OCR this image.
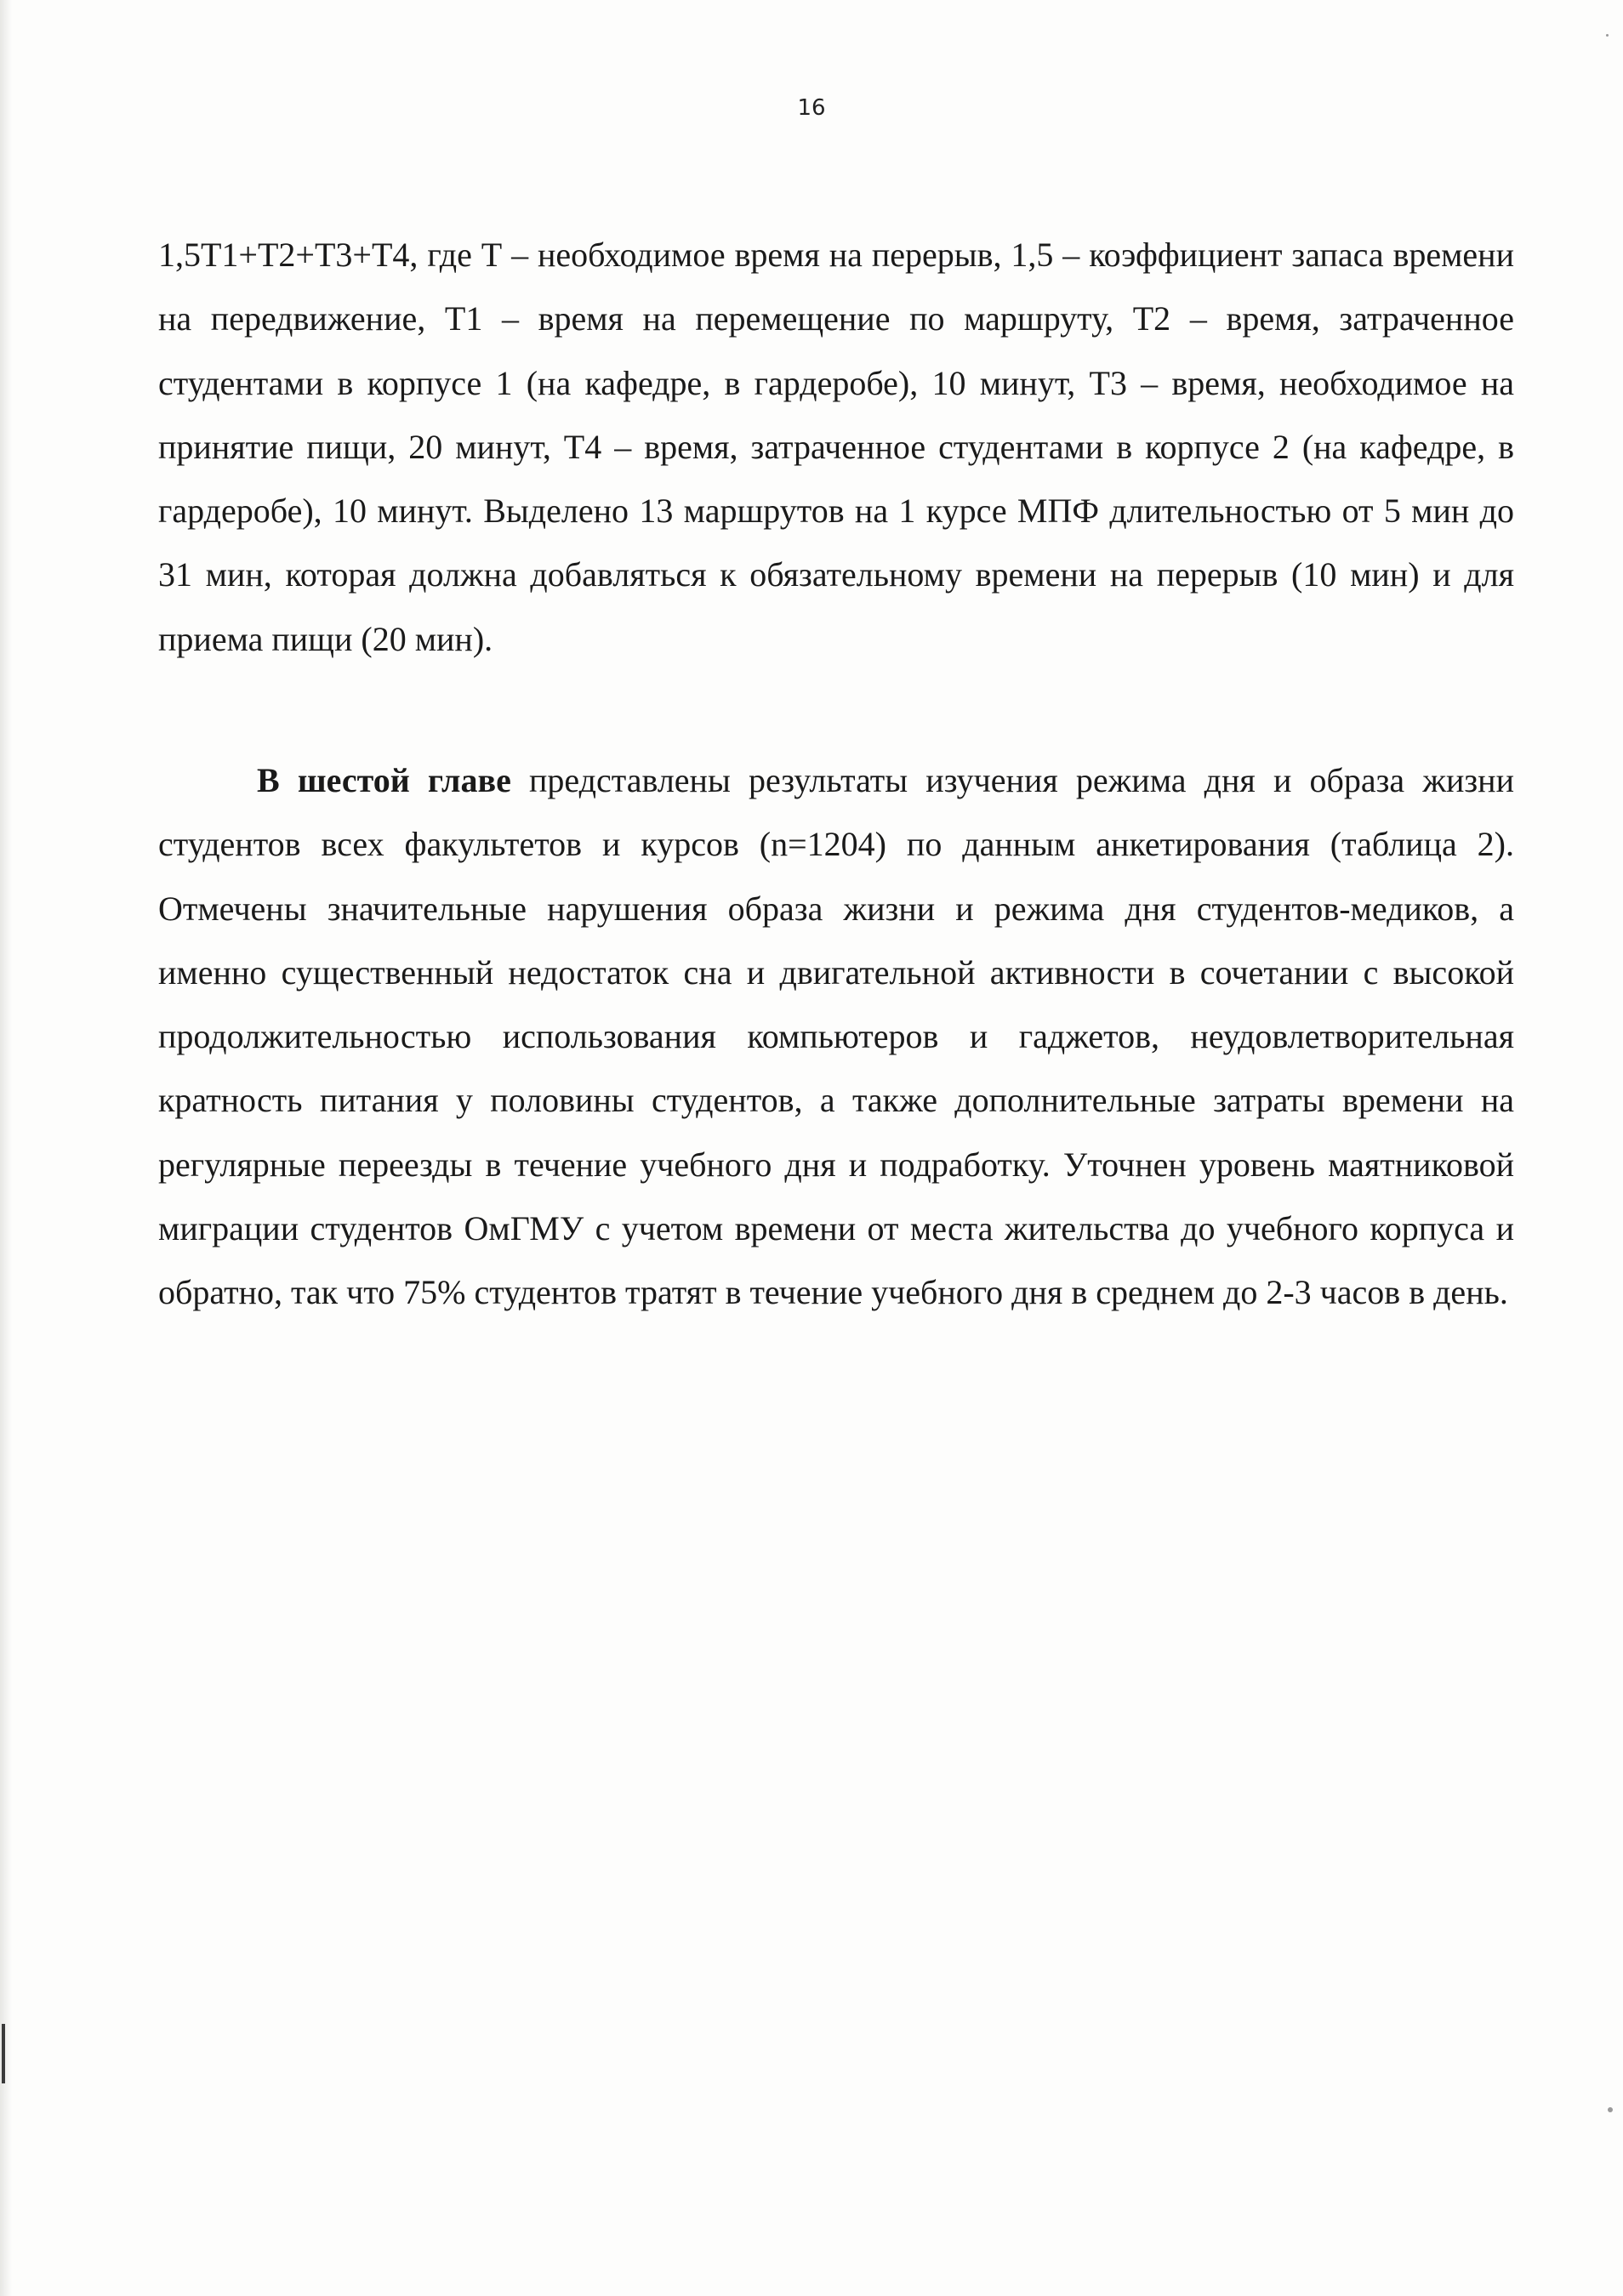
16

1,5Т1+Т2+Т3+Т4, где Т – необходимое время на перерыв, 1,5 – коэффициент запаса времени на передвижение, Т1 – время на перемещение по маршруту, Т2 – время, затраченное студентами в корпусе 1 (на кафедре, в гардеробе), 10 минут, Т3 – время, необходимое на принятие пищи, 20 минут, Т4 – время, затраченное студентами в корпусе 2 (на кафедре, в гардеробе), 10 минут. Выделено 13 маршрутов на 1 курсе МПФ длительностью от 5 мин до 31 мин, которая должна добавляться к обязательному времени на перерыв (10 мин) и для приема пищи (20 мин).

В шестой главе представлены результаты изучения режима дня и образа жизни студентов всех факультетов и курсов (n=1204) по данным анкетирования (таблица 2). Отмечены значительные нарушения образа жизни и режима дня студентов-медиков, а именно существенный недостаток сна и двигательной активности в сочетании с высокой продолжительностью использования компьютеров и гаджетов, неудовлетворительная кратность питания у половины студентов, а также дополнительные затраты времени на регулярные переезды в течение учебного дня и подработку. Уточнен уровень маятниковой миграции студентов ОмГМУ с учетом времени от места жительства до учебного корпуса и обратно, так что 75% студентов тратят в течение учебного дня в среднем до 2-3 часов в день.
